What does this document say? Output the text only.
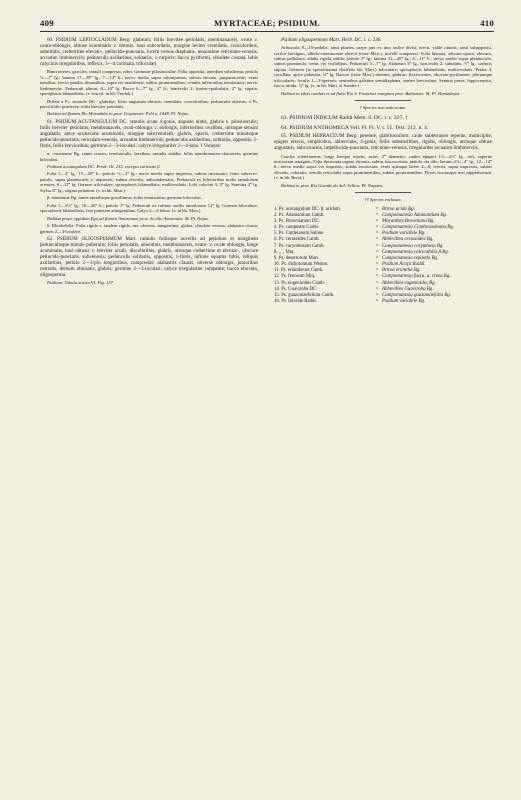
409	MYRTACEAE; PSIDIUM.	410

60. PSIDIUM LEPTOCLADUM Berg: glabrum; foliis brevitee petiolatis, membranaceis, ovate v. ovato-oblongis, obtuse acuminatis v. obtusis, basi subcordatis, margine leviter crenulatis, concoloribus, subnitidis, creberrime elevato-, pellucido-punctatis, lucem versus diaphanis, tenuissime reticulato-venosis, arcuatim limbinerviis; pedunculis axillaribus, solitariis, 1-carpicis; bacca pyriformi, obsolete costata, lobis calycinis irregularibus, reflexis, 3—4 coronata, triloculari.

Rami teretes, graciles; ramuli compressi, rubri. Gemmae pilosiusculae. Folia opposita, interdum subalterna; petiolo ½—1‴ lg.; lamina 17—38‴ lg., 7—14‴ lt.; nervo medio supra subimpresso, subtus elevato, purpurascente; venis tenuibus, erecto-patulis, distantibus, supra vix manifestis, subtus prominentibus; venulis inferioribus tenuissimis; nervis limbinerviis. Pedunculi alterni, 8—10‴ lg. Bacca 6—7‴ lg., 4‴ lt.; bracteolis 2, lineari-spathulatis, 2‴ lg. stipata; sporophoris bilamellatis. (v. fructif. in hb. Vindob.)

Differt a Ps. striatulo DC.: glabritie; foliis angustato-obtusis, crenulatis, concoloribus; pedunculis alternis; a Ps. persicifolio praeterea: foliis breviter petiolatis.

Habitat ad flumen Rio Maranhão in prov. Goyazensi: Pohl n. 1048. Pl. Najas.

61. PSIDIUM ACUTANGULUM DC. ramulis acute 4-gonis, angusto alatis, glabris v. pilosiusculis; foliis breviter petiolatis, membranaceis, ovali-oblongis v. oblongis, inferioribus ovalibus, utrinque sensim angustatis, apice acutissime acuminatis, margine subcrenulatis, glabris, opacis, creberrime minuteque pellucido-punctatis, reticulato-venosis, arcuatim limbinerviis; pedunculis axillaribus, solitariis, oppositis, 1-floris, foliis brevioribus; germine 2—3-loculari; calyce irregulariter 2—4-lobo. ɫ Varietas:

α. crassirame Bg. ramis crassis, teretiusculis, laevibus; ramulis validis; foliis membranaceo-chartaceis; germine biloculari.

Psidium acutangulum DC. Prodr. III. 233. excepta varietate β.

Folia 3—4″ lg., 15—20‴ lt.; petiolo ½—3‴ lg.; nervo medio supra impresso, subtus incrassato; venis subrecto-patulis, supra planiusculis v. impressis, subtus elevatis, subcondensatis. Pedunculi ex inferioribus nodis ramulorum orientes, 6—12‴ lg. Germen triloculare, sporophoris bilamellatis, multiovulatis. Lobi calycini 3, 3‴ lg. Stamina 4‴ lg. Stylus 6‴ lg.; stigma peltatum. (v. in hb. Mon.)

β. tenuirame Bg. ramis ramulisque gracillimus, foliis tenuissimis; germine biloculari.

Folia 3—3½″ lg., 16—26‴ lt.; petiolo 1‴ lg. Pedunculi ex infimis axillis ramulorum 12‴ lg. Germen biloculare, sporophoris bilamellatis, fere parietem attingentibus. Calyx 2—4-lobus. (v. in hb. Mon.)

Habitat prope oppidum Ega ad flumen Amazonum prov. do alto Amazonas: M. Pl. Najas.

6. Rhododolia. Folia rigida v. tandem rigida, nec obversa, integerrima, glabra, obsolete venosa; alabastra clausa; germen 2—4-loculare.

62. PSIDIUM OLIGOSPERMUM Mart. ramulis foliisque novellis ad petiolum et marginem pedunculisque minute puberulis; foliis petiolatis, amentinis, membranaceis, ovato- v. ovate oblongis, longe acuminatis, basi obtusis v. breviter acutis, discoloribus, glabris, utrinque creberrime et elevato-, obscure pellucido-punctatis, subvenosis; pedunculis solitariis, oppositis, 1-floris, infimis squama fultis, reliquis axillaribus, petiolo 2—3-plo longioribus, compressis; alabastris clausis, obverse oblongis, junioribus rostratis, demum obtusatis, glabris; germine 2—3-loculari; calyce irregulariter rumpente; bacca obovata, oligosperma.

Psidium: Tabula nostra VI. Fig. 137.

Psidium oligospermum Mart. Herb. DC. l. c. 236.

Arbuscula 8—10-pedalis; rami pluries, saepe jam ex imo radice divisi, erecti, valde ramosi; rami subappositi, cortice laevigato, albido-cinerascente obtecti (teste Mart.); novelli compressi. Folia bienuia, adscata opaca, obscura, subtus pallidiora, adulta rigida, nitida; petiolo 2‴ lg.; lamina 12—28‴ lg., 4—11‴ lt.; nervo medio supra planiusculo, subtus prominulo; venis vix visibilibus. Pedunculi 3—7‴ lg. Alabastra 3‴ lg., bracteolis 2, subulatis, ½‴ lg., caducis stipata. Germen (in specialissima floriferis hb. Mart.) biloculare; sporophoris bilamellatis, multiovulatis. Petala 4, cucullata, apice pubentia, ¾‴ lg. Baccae (teste Mart.) nitentes, glabrae, flavescentes, obovato-pyriformes, plerumque triloculares; loculis 1—3-spermis; seminibus galeiina semidiaphana, semen brevissime, Semina parva, hippocrepica, fusca, nitida, ⅓‴ lg. (v. in hb. Mart. et Sonder.)

Habitat in silvis caeduis et ad fluvii Rio S. Francisci margines prov. Bahiensis: M. Pl. Hamadryas.

† Species non satis notae.

63. PSIDIUM INDICUM Raddi Mem. 6. DC. l. c. 237. †

64. PSIDIUM ANTHOMEGA Vell. Fl. Fl. V. t. 51. Text. 212. n. 4.

65. PSIDIUM HEBRACEUM Berg: perenne, glabriusculum; caule subterraneo repente, multicipite, epigeis erectis, simplicibus, abbreviatis, 4-gonis; foliis subsessilibus, rigidis, oblongis, utrinque obtuse angustatis, subcoriaceis, impellucido-punctatis, reticulato-venosis, irregulariter arcuatim limbinerviis.

Caudex subterraneus, longe lateque repens, rufus, 2‴ diametro; caules epigaei 1½—2½″ lg., rufi, superne acutissime tetragoni. Folia decussata supera virentia, subtus fuscescentia; petiolo via ullo; lamina 2½—4″ lg., 12—14‴ lt.; nervo medio supra vix impresso, subtus incrassato; venis utrinque latere 4—8, erectis, supra impressis, subtus elevatis, coloratis; venulis reticulatis supra prominentibus, subtus prominentibus. Flores fructusque non suppetiverunt. (v. in hb. Berol.)

Habitat in prov. Rio Grande do Sul: Sellow. Pl. Napaea.

†† Species exclusae.

1. Ps. acutangulum DC. β. acidum.	= Britoa acida Bg.
2. Ps. Adamantium Camb.	= Campomanesia Adamantium Bg.
3. Ps. Brownianum DC.	= Mitranthes Browniana Bg.
4. Ps. campestre Camb.	= Campomanesia Cambessedeana Bg.
5. Ps. Cattleianum Sabine	= Psidium variabile Bg.
6. Ps. cerasoides Camb.	= Abbevillea cerasoides Bg.
7. Ps. corymbosum Camb.	= Campomanesia corymbosa Bg.
8. „ „ Miq.	= Campomanesia calcicafolia β.Bg.
9. Ps. desertorum Mart.	= Campomanesia repanda Bg.
10. Ps. dichotomum Weinm.	= Psidium Araça Raddi.
11. Ps. eriantheum Camb.	= Britoa eriantha Bg.
12. Ps. fenosum Miq.	= Campomanesia fusca, a. crosa Bg.
13. Ps. eugenioides Camb.	= Abbevillea eugenioides Bg.
14. Ps. Guaviroba DC.	= Abbevillea Guaviroba Bg.
15. Ps. guazumaefolium Camb.	= Campomanesia guazumaefolia Bg.
16. Ps. littorale Raddi.	= Psidium variabile Bg.
